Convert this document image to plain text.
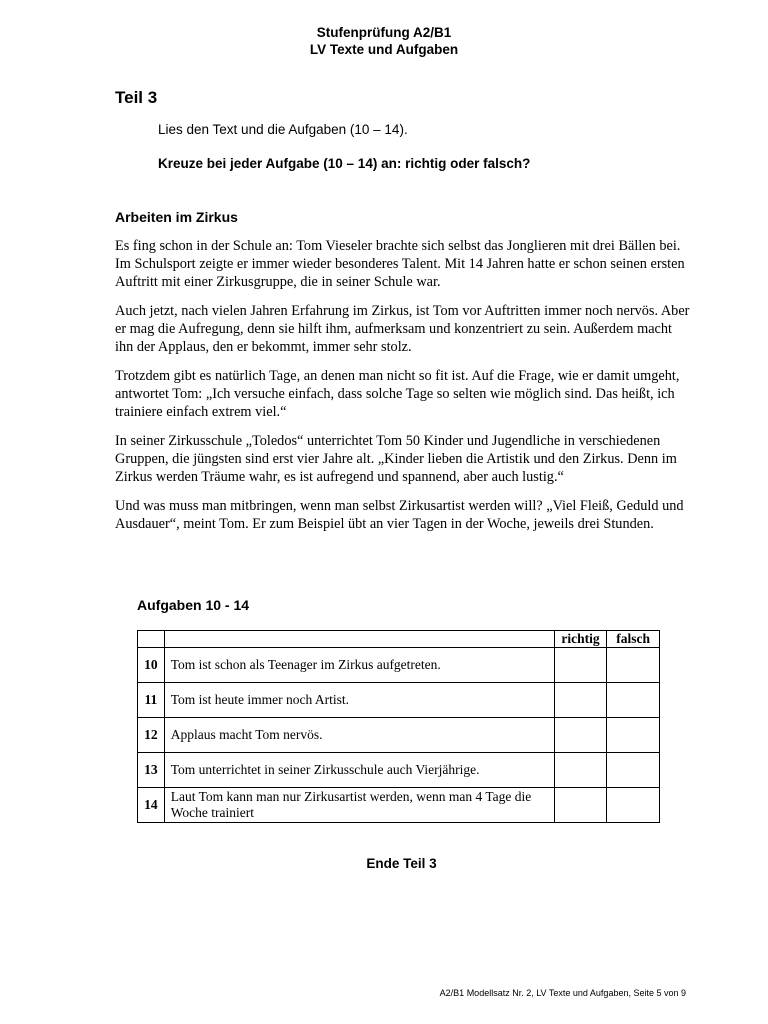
Stufenprüfung A2/B1
LV Texte und Aufgaben
Teil 3
Lies den Text und die Aufgaben (10 – 14).
Kreuze bei jeder Aufgabe (10 – 14) an: richtig oder falsch?
Arbeiten im Zirkus

Es fing schon in der Schule an: Tom Vieseler brachte sich selbst das Jonglieren mit drei Bällen bei. Im Schulsport zeigte er immer wieder besonderes Talent. Mit 14 Jahren hatte er schon seinen ersten Auftritt mit einer Zirkusgruppe, die in seiner Schule war.

Auch jetzt, nach vielen Jahren Erfahrung im Zirkus, ist Tom vor Auftritten immer noch nervös. Aber er mag die Aufregung, denn sie hilft ihm, aufmerksam und konzentriert zu sein. Außerdem macht ihn der Applaus, den er bekommt, immer sehr stolz.

Trotzdem gibt es natürlich Tage, an denen man nicht so fit ist. Auf die Frage, wie er damit umgeht, antwortet Tom: „Ich versuche einfach, dass solche Tage so selten wie möglich sind. Das heißt, ich trainiere einfach extrem viel.“

In seiner Zirkusschule „Toledos“ unterrichtet Tom 50 Kinder und Jugendliche in verschiedenen Gruppen, die jüngsten sind erst vier Jahre alt. „Kinder lieben die Artistik und den Zirkus. Denn im Zirkus werden Träume wahr, es ist aufregend und spannend, aber auch lustig.“

Und was muss man mitbringen, wenn man selbst Zirkusartist werden will? „Viel Fleiß, Geduld und Ausdauer“, meint Tom. Er zum Beispiel übt an vier Tagen in der Woche, jeweils drei Stunden.

Aufgaben 10 - 14
		richtig	falsch
10	Tom ist schon als Teenager im Zirkus aufgetreten.		
11	Tom ist heute immer noch Artist.		
12	Applaus macht Tom nervös.		
13	Tom unterrichtet in seiner Zirkusschule auch Vierjährige.		
14	Laut Tom kann man nur Zirkusartist werden, wenn man 4 Tage die Woche trainiert		
Ende Teil 3
A2/B1 Modellsatz Nr. 2, LV Texte und Aufgaben, Seite 5 von 9
